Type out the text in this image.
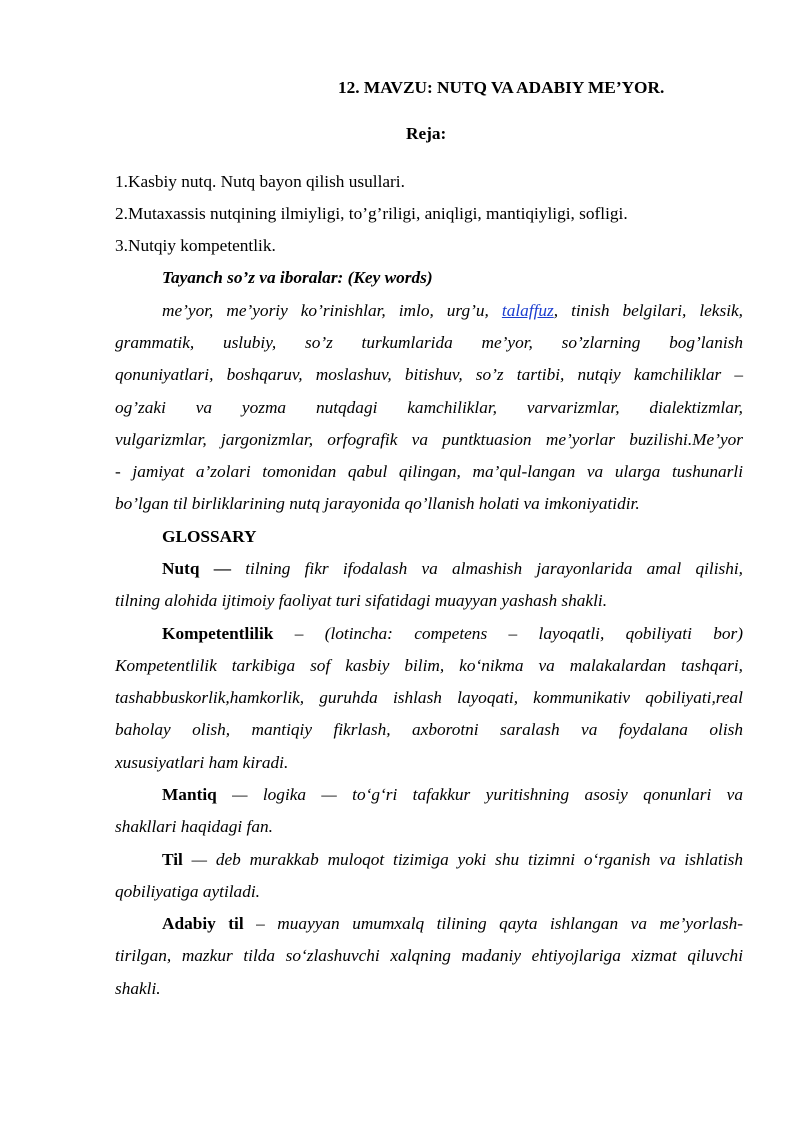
12. MAVZU: NUTQ VA ADABIY ME’YOR.
Reja:
1.Kasbiy nutq. Nutq bayon qilish usullari.
2.Mutaxassis nutqining ilmiyligi, to’g’riligi, aniqligi, mantiqiyligi, sofligi.
3.Nutqiy kompetentlik.
Tayanch so’z va iboralar: (Key words)
me’yor, me’yoriy ko’rinishlar, imlo, urg’u, talaffuz, tinish belgilari, leksik,
grammatik, uslubiy, so’z turkumlarida me’yor, so’zlarning bog’lanish
qonuniyatlari, boshqaruv, moslashuv, bitishuv, so’z tartibi, nutqiy kamchiliklar –
og’zaki va yozma nutqdagi kamchiliklar, varvarizmlar, dialektizmlar,
vulgarizmlar, jargonizmlar, orfografik va puntktuasion me’yorlar buzilishi.Me’yor
- jamiyat a’zolari tomonidan qabul qilingan, ma’qul-langan va ularga tushunarli
bo’lgan til birliklarining nutq jarayonida qo’llanish holati va imkoniyatidir.
GLOSSARY
Nutq — tilning fikr ifodalash va almashish jarayonlarida amal qilishi,
tilning alohida ijtimoiy faoliyat turi sifatidagi muayyan yashash shakli.
Kompetentlilik – (lotincha: competens – layoqatli, qobiliyati bor)
Kompetentlilik tarkibiga sof kasbiy bilim, ko‘nikma va malakalardan tashqari,
tashabbuskorlik,hamkorlik, guruhda ishlash layoqati, kommunikativ qobiliyati,real
baholay olish, mantiqiy fikrlash, axborotni saralash va foydalana olish
xususiyatlari ham kiradi.
Mantiq — logika — to‘g‘ri tafakkur yuritishning asosiy qonunlari va
shakllari haqidagi fan.
Til — deb murakkab muloqot tizimiga yoki shu tizimni o‘rganish va ishlatish
qobiliyatiga aytiladi.
Adabiy til – muayyan umumxalq tilining qayta ishlangan va me’yorlash-
tirilgan, mazkur tilda so‘zlashuvchi xalqning madaniy ehtiyojlariga xizmat qiluvchi
shakli.
